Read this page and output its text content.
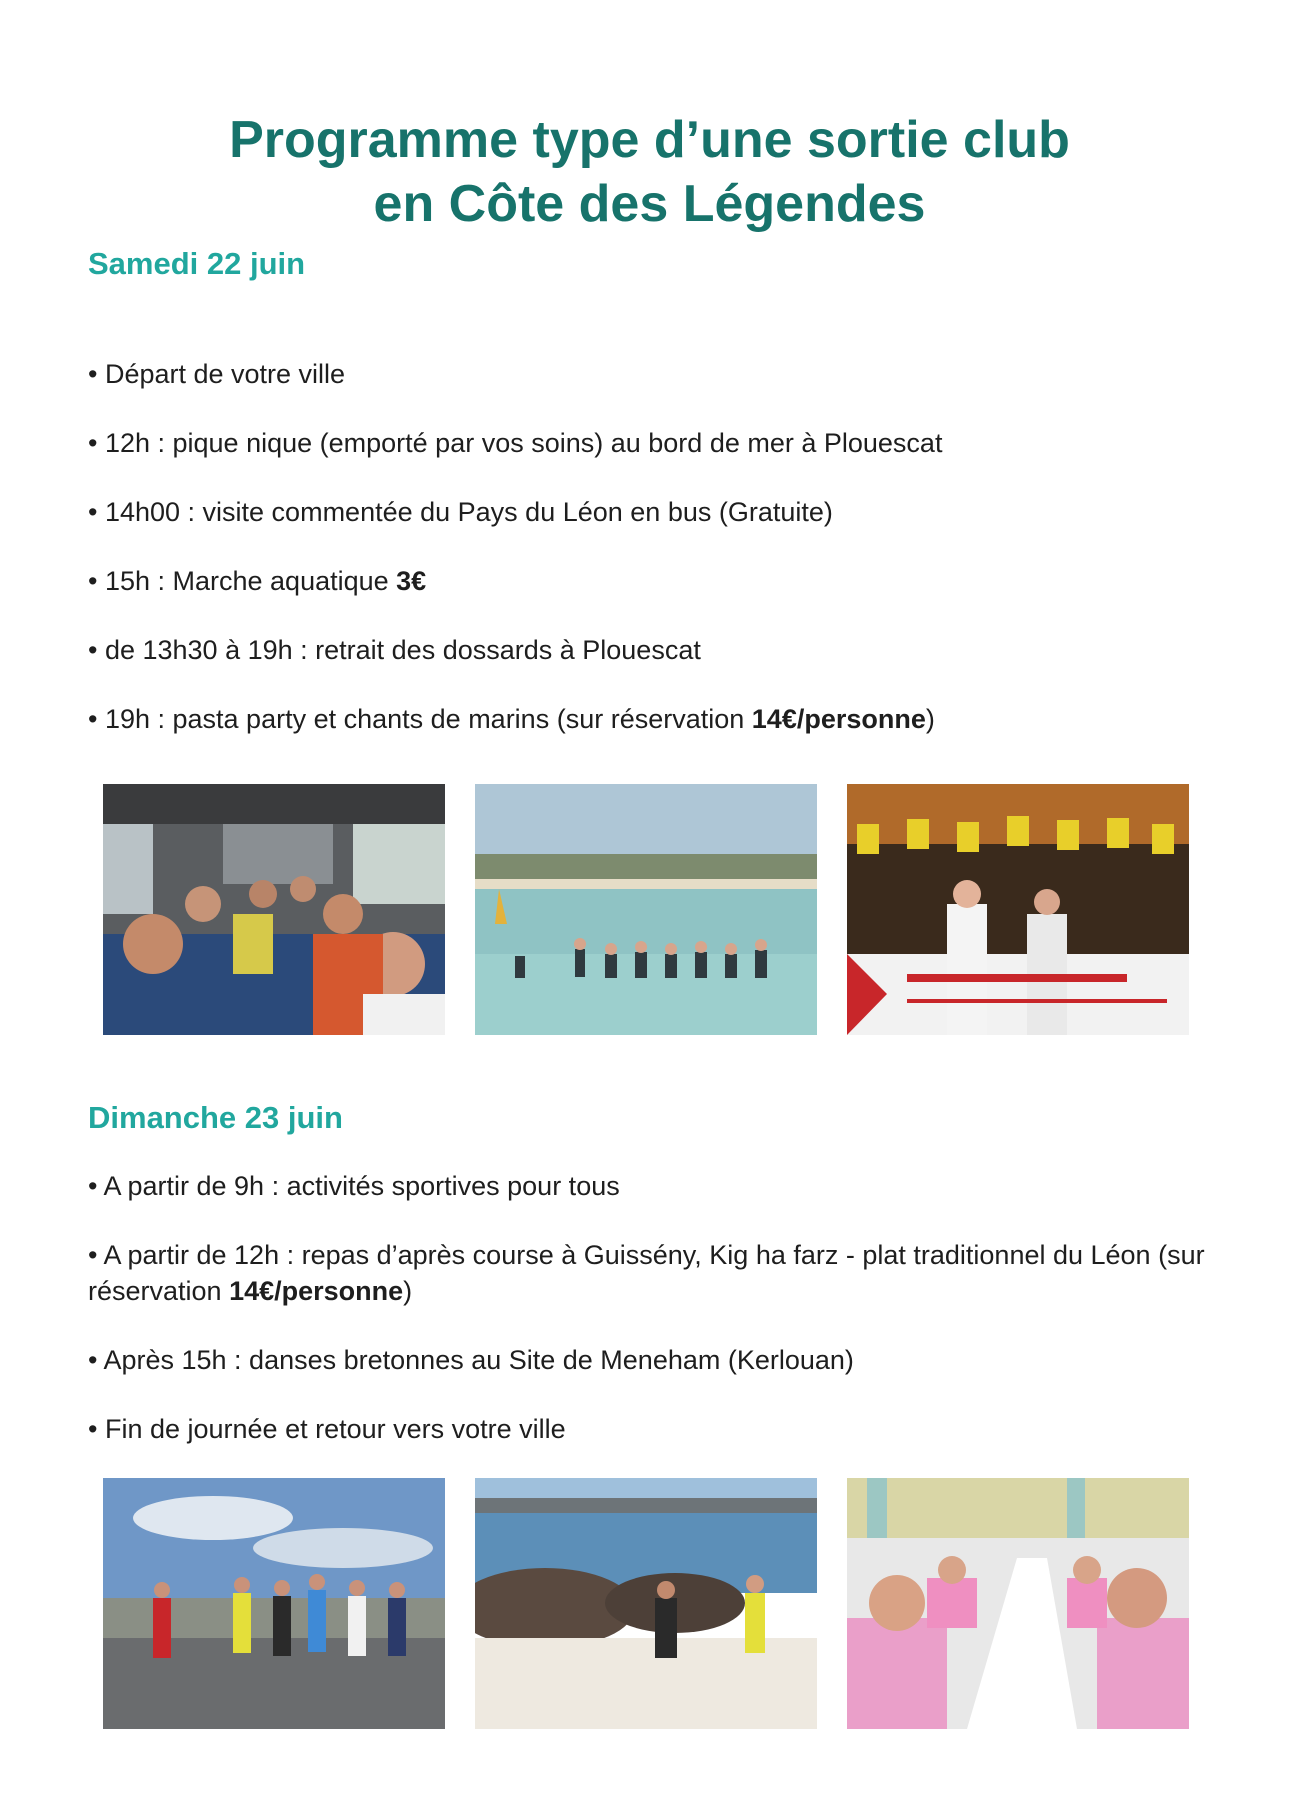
Programme type d’une sortie club
en Côte des Légendes
Samedi 22 juin
• Départ de votre ville
• 12h : pique nique (emporté par vos soins) au bord de mer à Plouescat
• 14h00 : visite commentée du Pays du Léon en bus (Gratuite)
• 15h : Marche aquatique 3€
• de 13h30 à 19h : retrait des dossards à Plouescat
• 19h : pasta party et chants de marins (sur réservation 14€/personne)
Dimanche 23 juin
• A partir de 9h : activités sportives pour tous
• A partir de 12h : repas d’après course à Guissény, Kig ha farz - plat traditionnel du Léon (sur réservation 14€/personne)
• Après 15h : danses bretonnes au Site de Meneham (Kerlouan)
• Fin de journée et retour vers votre ville
